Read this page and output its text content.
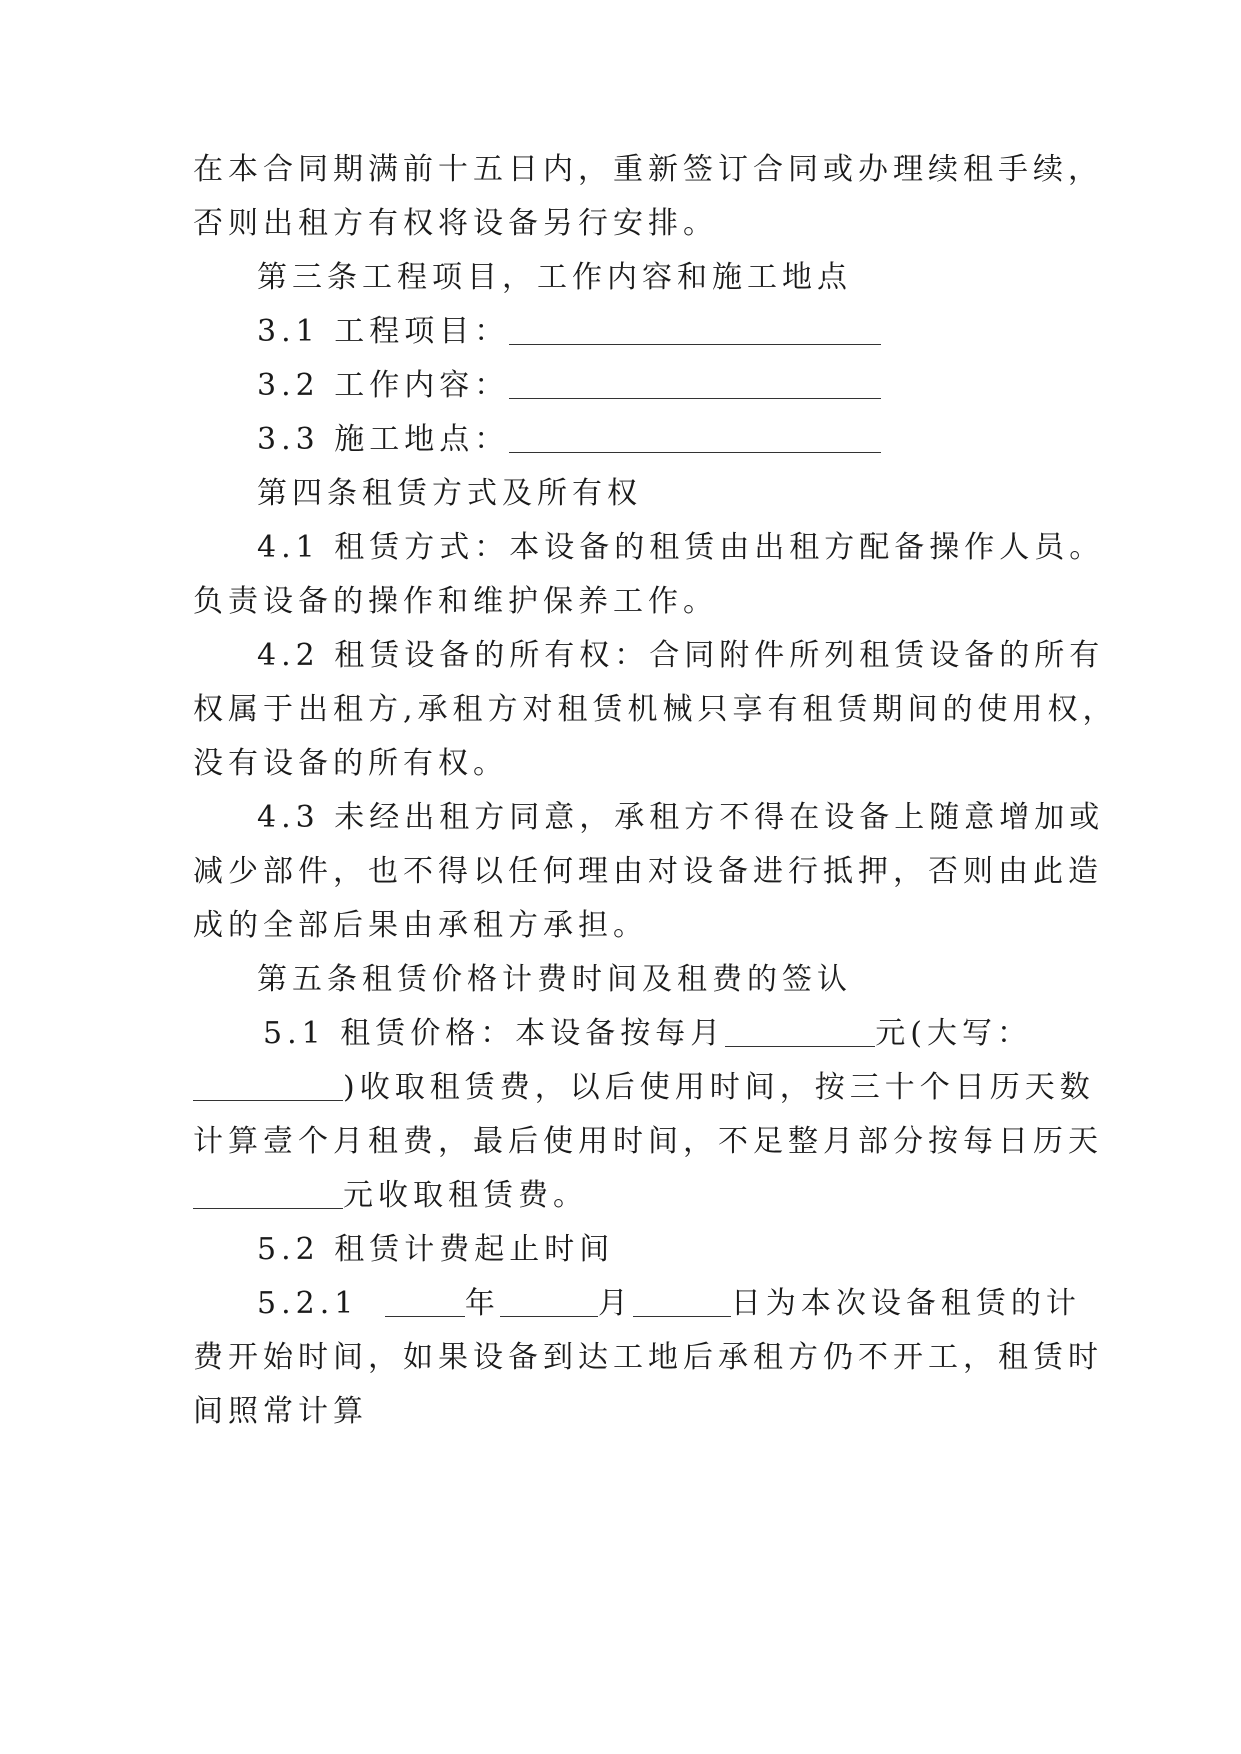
在本合同期满前十五日内，重新签订合同或办理续租手续，
否则出租方有权将设备另行安排。
第三条工程项目，工作内容和施工地点
3.1 工程项目：
3.2 工作内容：
3.3 施工地点：
第四条租赁方式及所有权
4.1 租赁方式：本设备的租赁由出租方配备操作人员。
负责设备的操作和维护保养工作。
4.2 租赁设备的所有权：合同附件所列租赁设备的所有
权属于出租方,承租方对租赁机械只享有租赁期间的使用权，
没有设备的所有权。
4.3 未经出租方同意，承租方不得在设备上随意增加或
减少部件，也不得以任何理由对设备进行抵押，否则由此造
成的全部后果由承租方承担。
第五条租赁价格计费时间及租费的签认
5.1 租赁价格：本设备按每月	元(大写：
)收取租赁费，以后使用时间，按三十个日历天数
计算壹个月租费，最后使用时间，不足整月部分按每日历天
元收取租赁费。
5.2 租赁计费起止时间
5.2.1	年	月	日为本次设备租赁的计
费开始时间，如果设备到达工地后承租方仍不开工，租赁时
间照常计算
